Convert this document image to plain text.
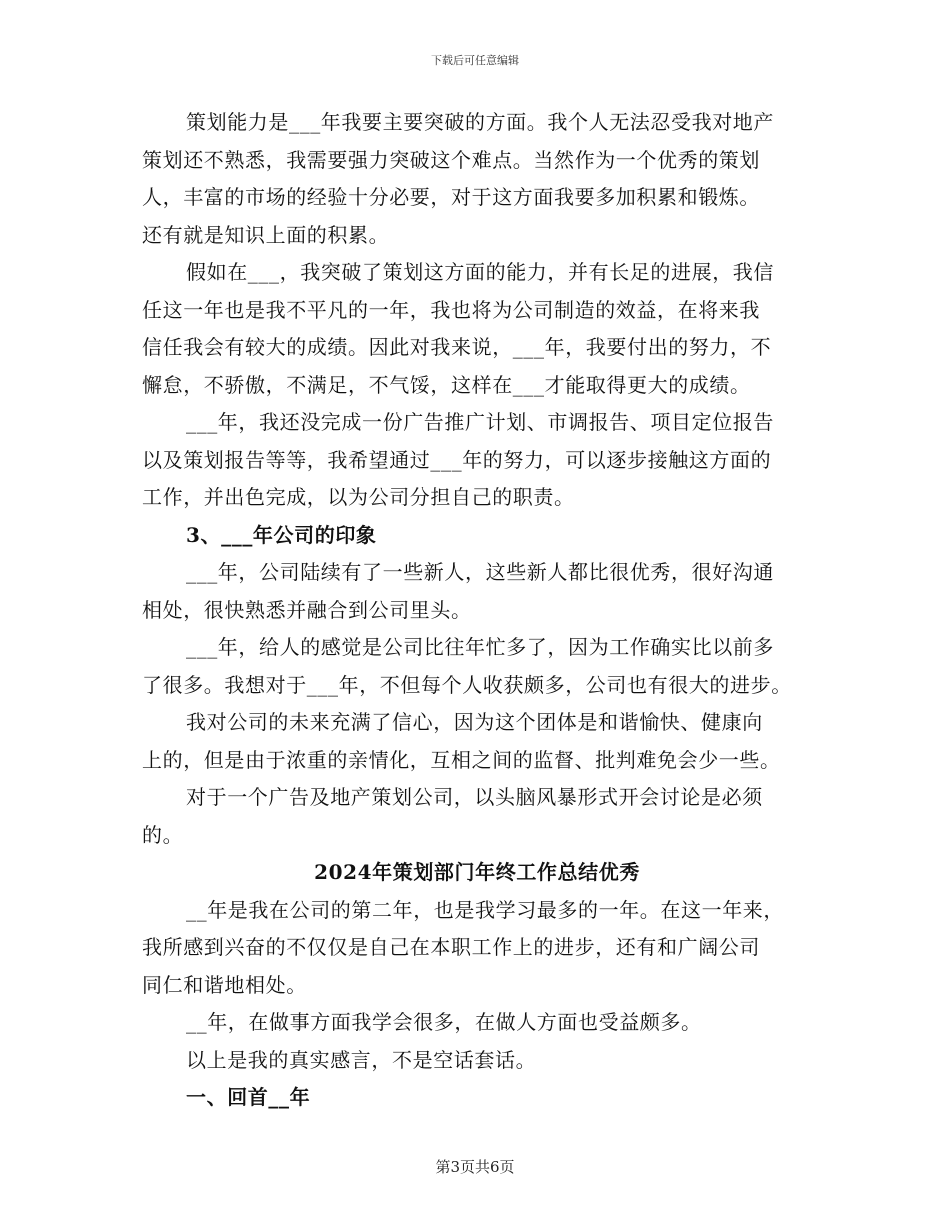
下载后可任意编辑
策划能力是___年我要主要突破的方面。我个人无法忍受我对地产
策划还不熟悉，我需要强力突破这个难点。当然作为一个优秀的策划
人，丰富的市场的经验十分必要，对于这方面我要多加积累和锻炼。
还有就是知识上面的积累。
假如在___，我突破了策划这方面的能力，并有长足的进展，我信
任这一年也是我不平凡的一年，我也将为公司制造的效益，在将来我
信任我会有较大的成绩。因此对我来说，___年，我要付出的努力，不
懈怠，不骄傲，不满足，不气馁，这样在___才能取得更大的成绩。
___年，我还没完成一份广告推广计划、市调报告、项目定位报告
以及策划报告等等，我希望通过___年的努力，可以逐步接触这方面的
工作，并出色完成，以为公司分担自己的职责。
3、___年公司的印象
___年，公司陆续有了一些新人，这些新人都比很优秀，很好沟通
相处，很快熟悉并融合到公司里头。
___年，给人的感觉是公司比往年忙多了，因为工作确实比以前多
了很多。我想对于___年，不但每个人收获颇多，公司也有很大的进步。
我对公司的未来充满了信心，因为这个团体是和谐愉快、健康向
上的，但是由于浓重的亲情化，互相之间的监督、批判难免会少一些。
对于一个广告及地产策划公司，以头脑风暴形式开会讨论是必须
的。
2024年策划部门年终工作总结优秀
__年是我在公司的第二年，也是我学习最多的一年。在这一年来，
我所感到兴奋的不仅仅是自己在本职工作上的进步，还有和广阔公司
同仁和谐地相处。
__年，在做事方面我学会很多，在做人方面也受益颇多。
以上是我的真实感言，不是空话套话。
一、回首__年
第3页共6页
